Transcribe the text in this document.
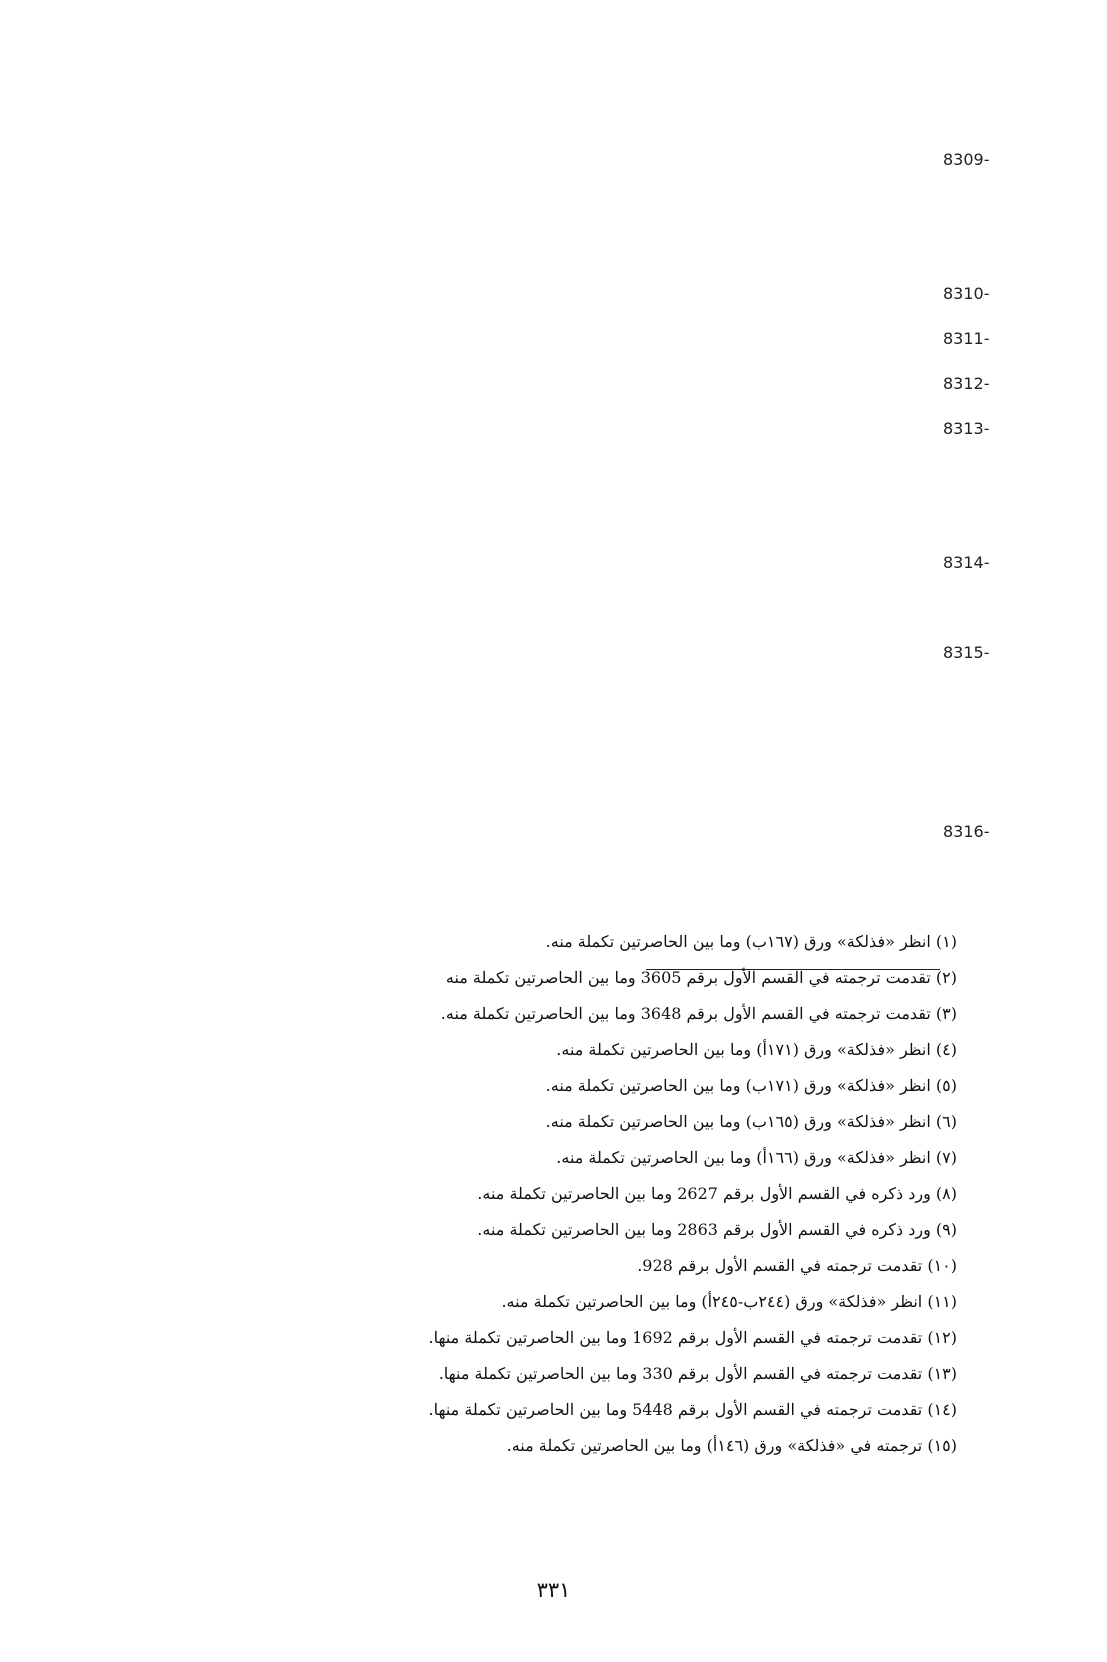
8309-
8310-
8311-
8312-
8313-
8314-
8315-
8316-
(١) انظر «فذلكة» ورق (١٦٧ب) وما بين الحاصرتين تكملة منه.
(٢) تقدمت ترجمته في القسم الأول برقم 3605 وما بين الحاصرتين تكملة منه
(٣) تقدمت ترجمته في القسم الأول برقم 3648 وما بين الحاصرتين تكملة منه.
(٤) انظر «فذلكة» ورق (١٧١أ) وما بين الحاصرتين تكملة منه.
(٥) انظر «فذلكة» ورق (١٧١ب) وما بين الحاصرتين تكملة منه.
(٦) انظر «فذلكة» ورق (١٦٥ب) وما بين الحاصرتين تكملة منه.
(٧) انظر «فذلكة» ورق (١٦٦أ) وما بين الحاصرتين تكملة منه.
(٨) ورد ذكره في القسم الأول برقم 2627 وما بين الحاصرتين تكملة منه.
(٩) ورد ذكره في القسم الأول برقم 2863 وما بين الحاصرتين تكملة منه.
(١٠) تقدمت ترجمته في القسم الأول برقم 928.
(١١) انظر «فذلكة» ورق (٢٤٤ب-٢٤٥أ) وما بين الحاصرتين تكملة منه.
(١٢) تقدمت ترجمته في القسم الأول برقم 1692 وما بين الحاصرتين تكملة منها.
(١٣) تقدمت ترجمته في القسم الأول برقم 330 وما بين الحاصرتين تكملة منها.
(١٤) تقدمت ترجمته في القسم الأول برقم 5448 وما بين الحاصرتين تكملة منها.
(١٥) ترجمته في «فذلكة» ورق (١٤٦أ) وما بين الحاصرتين تكملة منه.
٣٣١
